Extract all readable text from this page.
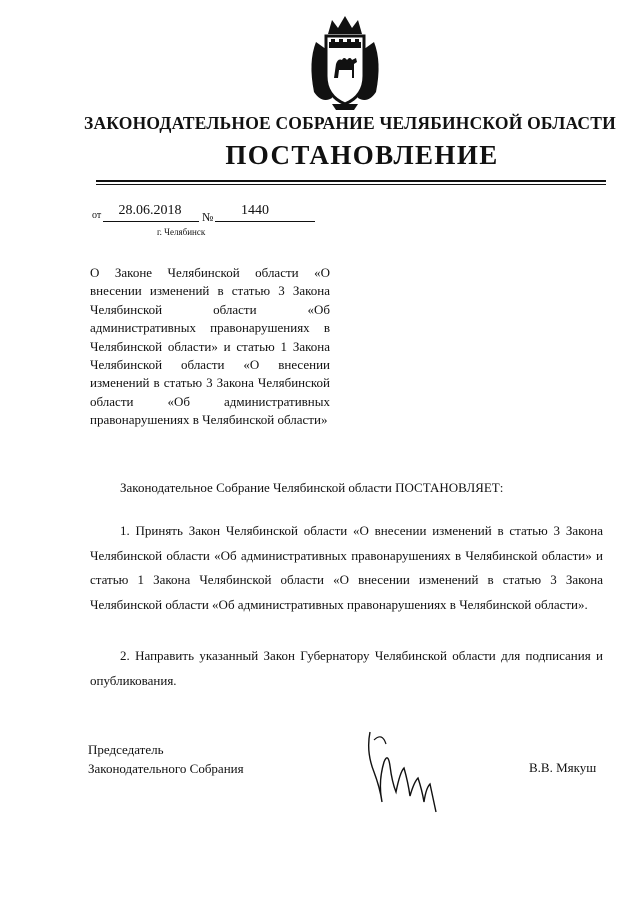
ЗАКОНОДАТЕЛЬНОЕ СОБРАНИЕ ЧЕЛЯБИНСКОЙ ОБЛАСТИ
ПОСТАНОВЛЕНИЕ
от	28.06.2018	№	1440
г. Челябинск
О Законе Челябинской области «О внесении изменений в статью 3 Закона Челябинской области «Об административных правонарушениях в Челябинской области» и статью 1 Закона Челябинской области «О внесении изменений в статью 3 Закона Челябинской области «Об административных правонарушениях в Челябинской области»
Законодательное Собрание Челябинской области ПОСТАНОВЛЯЕТ:
1. Принять Закон Челябинской области «О внесении изменений в статью 3 Закона Челябинской области «Об административных правонарушениях в Челябинской области» и статью 1 Закона Челябинской области «О внесении изменений в статью 3 Закона Челябинской области «Об административных правонарушениях в Челябинской области».
2. Направить указанный Закон Губернатору Челябинской области для подписания и опубликования.
Председатель
Законодательного Собрания	В.В. Мякуш
